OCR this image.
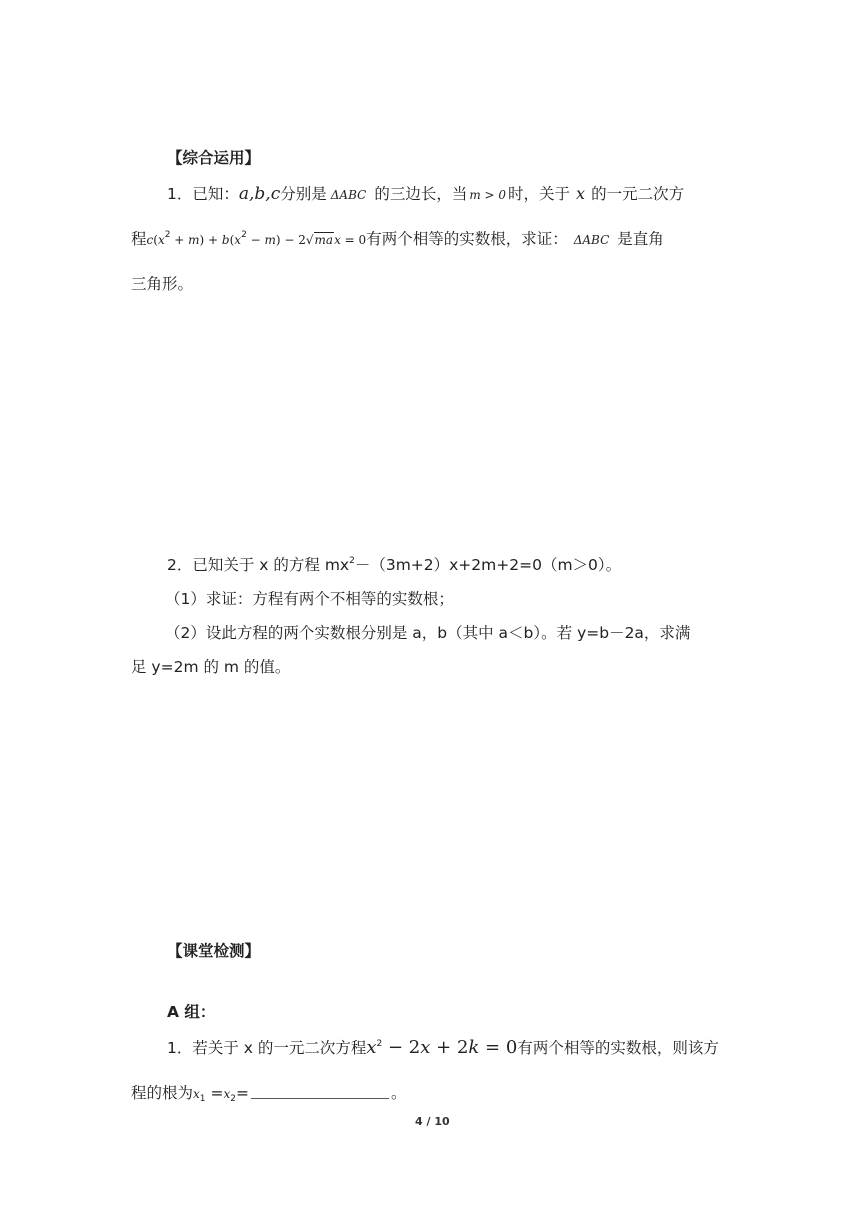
【综合运用】
1．已知：a,b,c分别是 ΔABC 的三边长，当 m > 0 时，关于 x 的一元二次方
程$c(x^2 + m) + b(x^2 - m) - 2√\max = 0$有两个相等的实数根，求证： ΔABC 是直角
三角形。
2．已知关于 x 的方程 $mx^2-(3m+2)x+2m+2=0(m>0)$。
（1）求证：方程有两个不相等的实数根；
（2）设此方程的两个实数根分别是 a，b（其中 a＜b）。若 y=b－2a，求满
足 y=2m 的 m 的值。
【课堂检测】
A 组：
1．若关于 x 的一元二次方程$x^2 - 2x + 2k = 0$有两个相等的实数根，则该方
程的根为$x_1 =x_2=$	。
4 / 10
